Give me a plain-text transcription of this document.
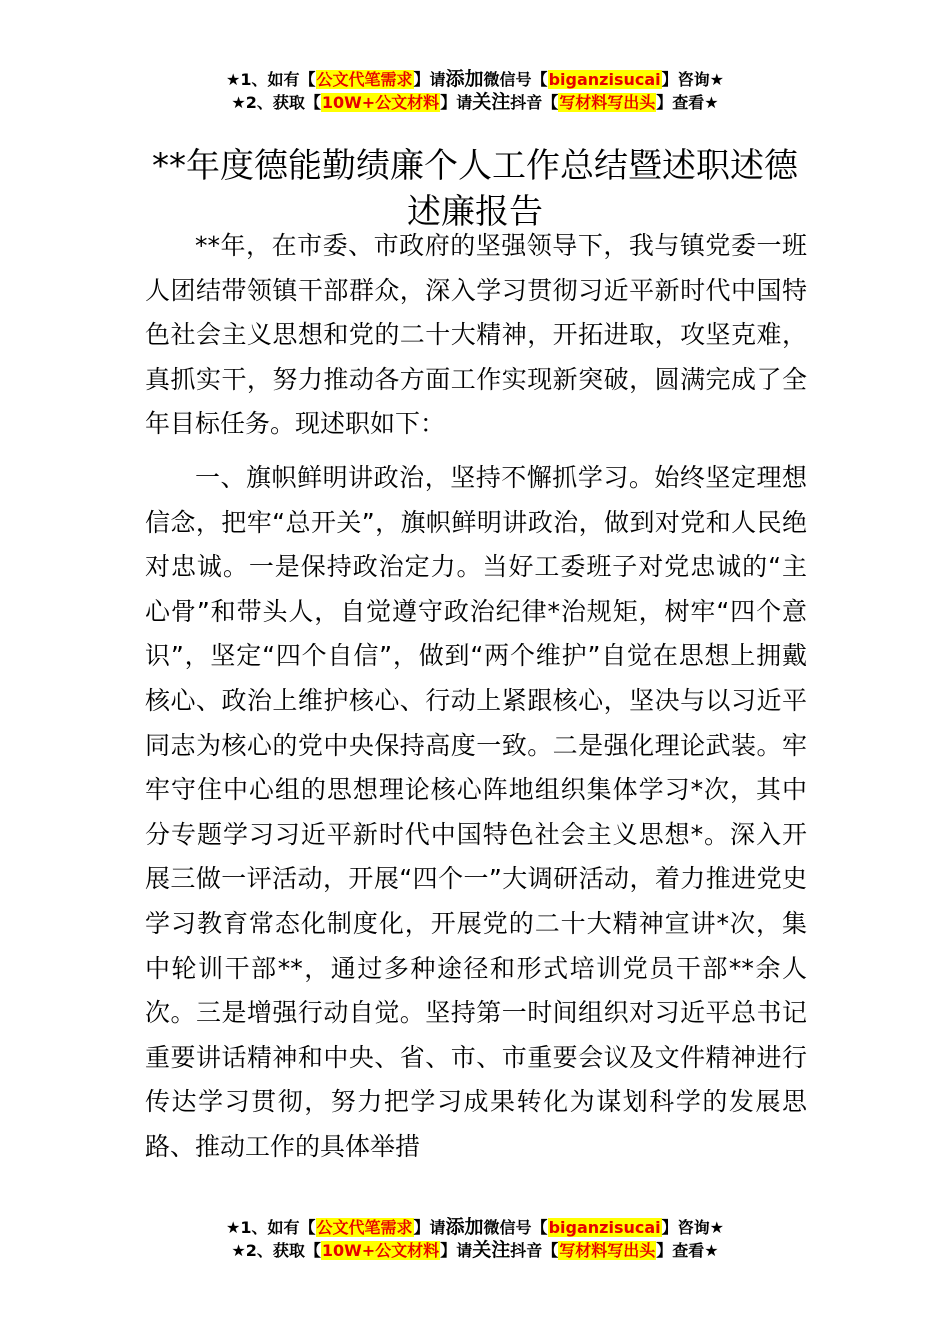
★1、如有【公文代笔需求】请添加微信号【biganzisucai】咨询★
★2、获取【10W+公文材料】请关注抖音【写材料写出头】查看★
**年度德能勤绩廉个人工作总结暨述职述德述廉报告

**年，在市委、市政府的坚强领导下，我与镇党委一班人团结带领镇干部群众，深入学习贯彻习近平新时代中国特色社会主义思想和党的二十大精神，开拓进取，攻坚克难，真抓实干，努力推动各方面工作实现新突破，圆满完成了全年目标任务。现述职如下：

一、旗帜鲜明讲政治，坚持不懈抓学习。始终坚定理想信念，把牢“总开关”，旗帜鲜明讲政治，做到对党和人民绝对忠诚。一是保持政治定力。当好工委班子对党忠诚的“主心骨”和带头人，自觉遵守政治纪律*治规矩，树牢“四个意识”，坚定“四个自信”，做到“两个维护”自觉在思想上拥戴核心、政治上维护核心、行动上紧跟核心，坚决与以习近平同志为核心的党中央保持高度一致。二是强化理论武装。牢牢守住中心组的思想理论核心阵地组织集体学习*次，其中分专题学习习近平新时代中国特色社会主义思想*。深入开展三做一评活动，开展“四个一”大调研活动，着力推进党史学习教育常态化制度化，开展党的二十大精神宣讲*次，集中轮训干部**，通过多种途径和形式培训党员干部**余人次。三是增强行动自觉。坚持第一时间组织对习近平总书记重要讲话精神和中央、省、市、市重要会议及文件精神进行传达学习贯彻，努力把学习成果转化为谋划科学的发展思路、推动工作的具体举措

★1、如有【公文代笔需求】请添加微信号【biganzisucai】咨询★
★2、获取【10W+公文材料】请关注抖音【写材料写出头】查看★
